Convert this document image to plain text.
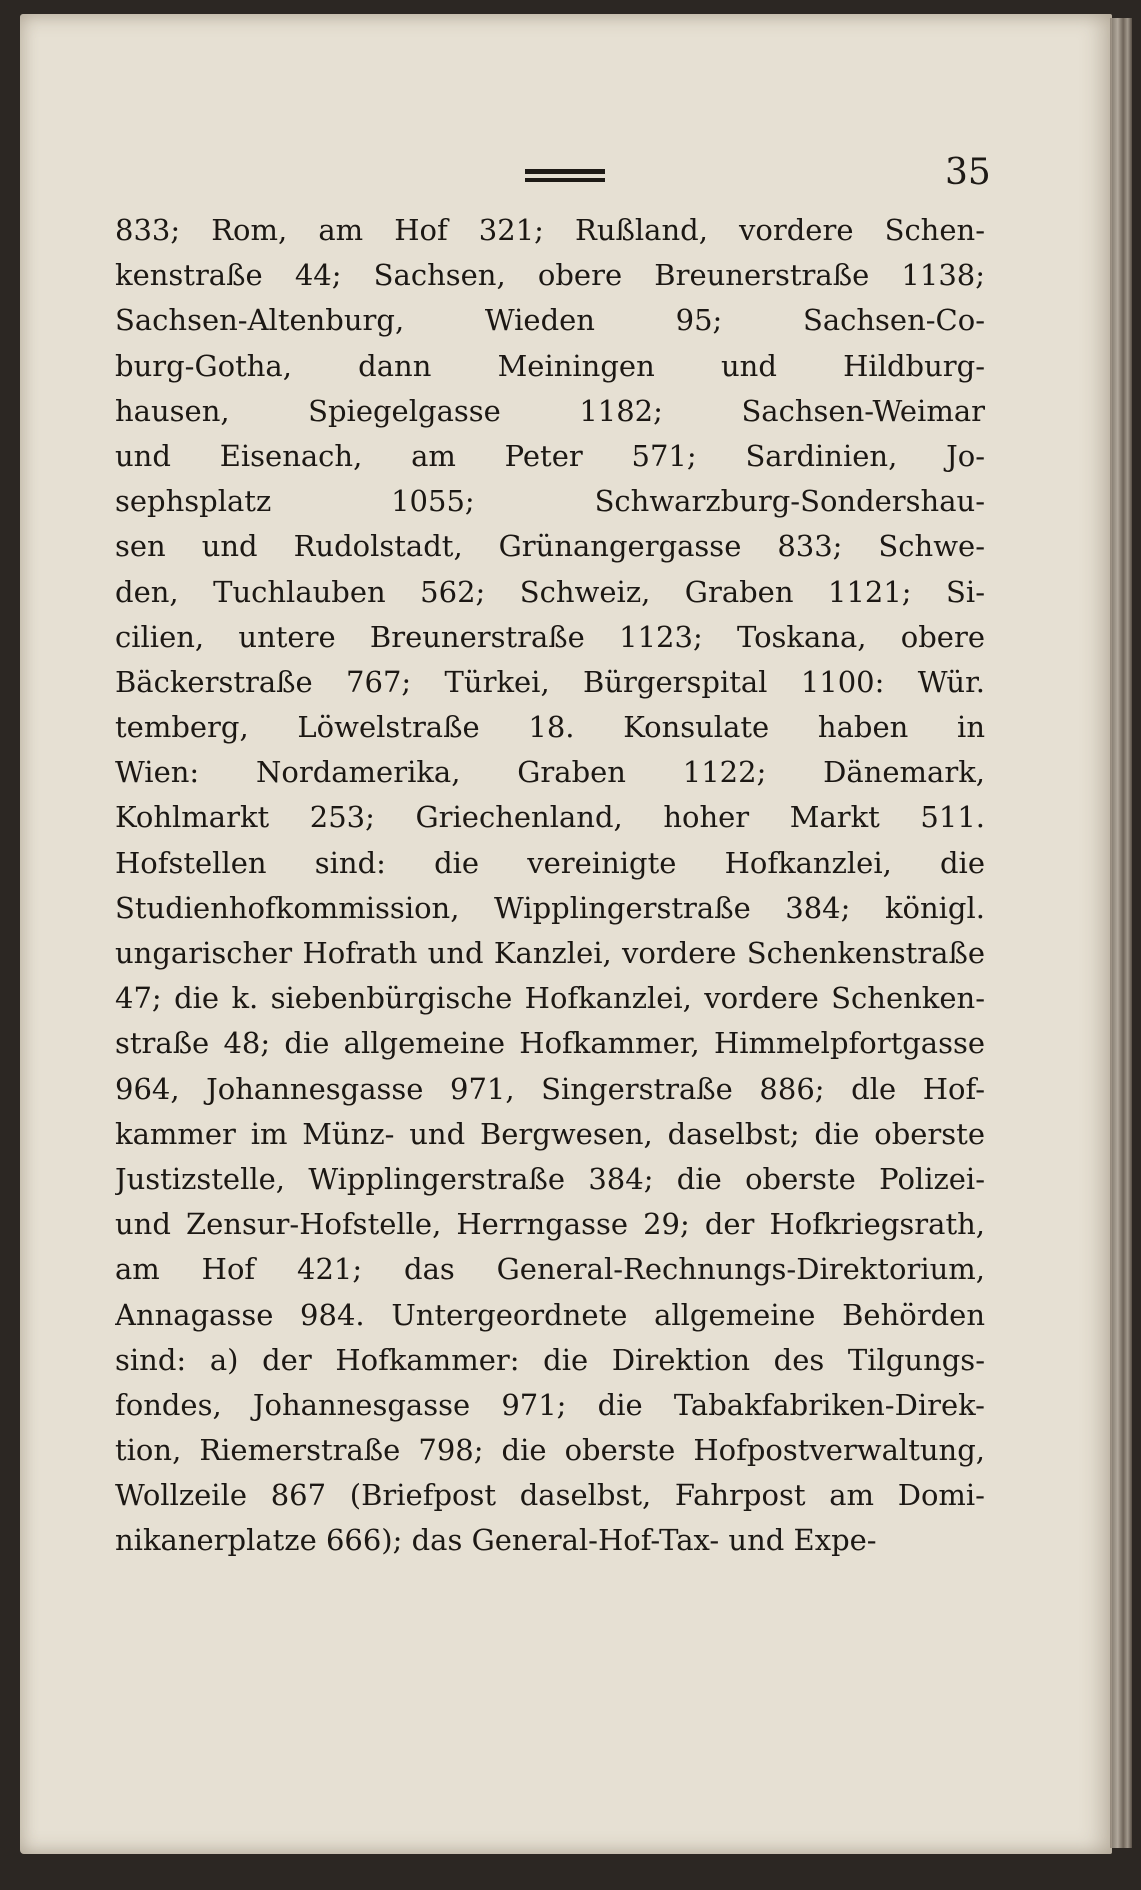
35
833; Rom, am Hof 321; Rußland, vordere Schen-
kenstraße 44; Sachsen, obere Breunerstraße 1138;
Sachsen-Altenburg, Wieden 95; Sachsen-Co-
burg-Gotha, dann Meiningen und Hildburg-
hausen, Spiegelgasse 1182; Sachsen-Weimar
und Eisenach, am Peter 571; Sardinien, Jo-
sephsplatz 1055; Schwarzburg-Sondershau-
sen und Rudolstadt, Grünangergasse 833; Schwe-
den, Tuchlauben 562; Schweiz, Graben 1121; Si-
cilien, untere Breunerstraße 1123; Toskana, obere
Bäckerstraße 767; Türkei, Bürgerspital 1100: Wür.
temberg, Löwelstraße 18. Konsulate haben in
Wien: Nordamerika, Graben 1122; Dänemark,
Kohlmarkt 253; Griechenland, hoher Markt 511.
Hofstellen sind: die vereinigte Hofkanzlei, die
Studienhofkommission, Wipplingerstraße 384; königl.
ungarischer Hofrath und Kanzlei, vordere Schenkenstraße
47; die k. siebenbürgische Hofkanzlei, vordere Schenken-
straße 48; die allgemeine Hofkammer, Himmelpfortgasse
964, Johannesgasse 971, Singerstraße 886; dle Hof-
kammer im Münz- und Bergwesen, daselbst; die oberste
Justizstelle, Wipplingerstraße 384; die oberste Polizei-
und Zensur-Hofstelle, Herrngasse 29; der Hofkriegsrath,
am Hof 421; das General-Rechnungs-Direktorium,
Annagasse 984. Untergeordnete allgemeine Behörden
sind: a) der Hofkammer: die Direktion des Tilgungs-
fondes, Johannesgasse 971; die Tabakfabriken-Direk-
tion, Riemerstraße 798; die oberste Hofpostverwaltung,
Wollzeile 867 (Briefpost daselbst, Fahrpost am Domi-
nikanerplatze 666); das General-Hof-Tax- und Expe-
